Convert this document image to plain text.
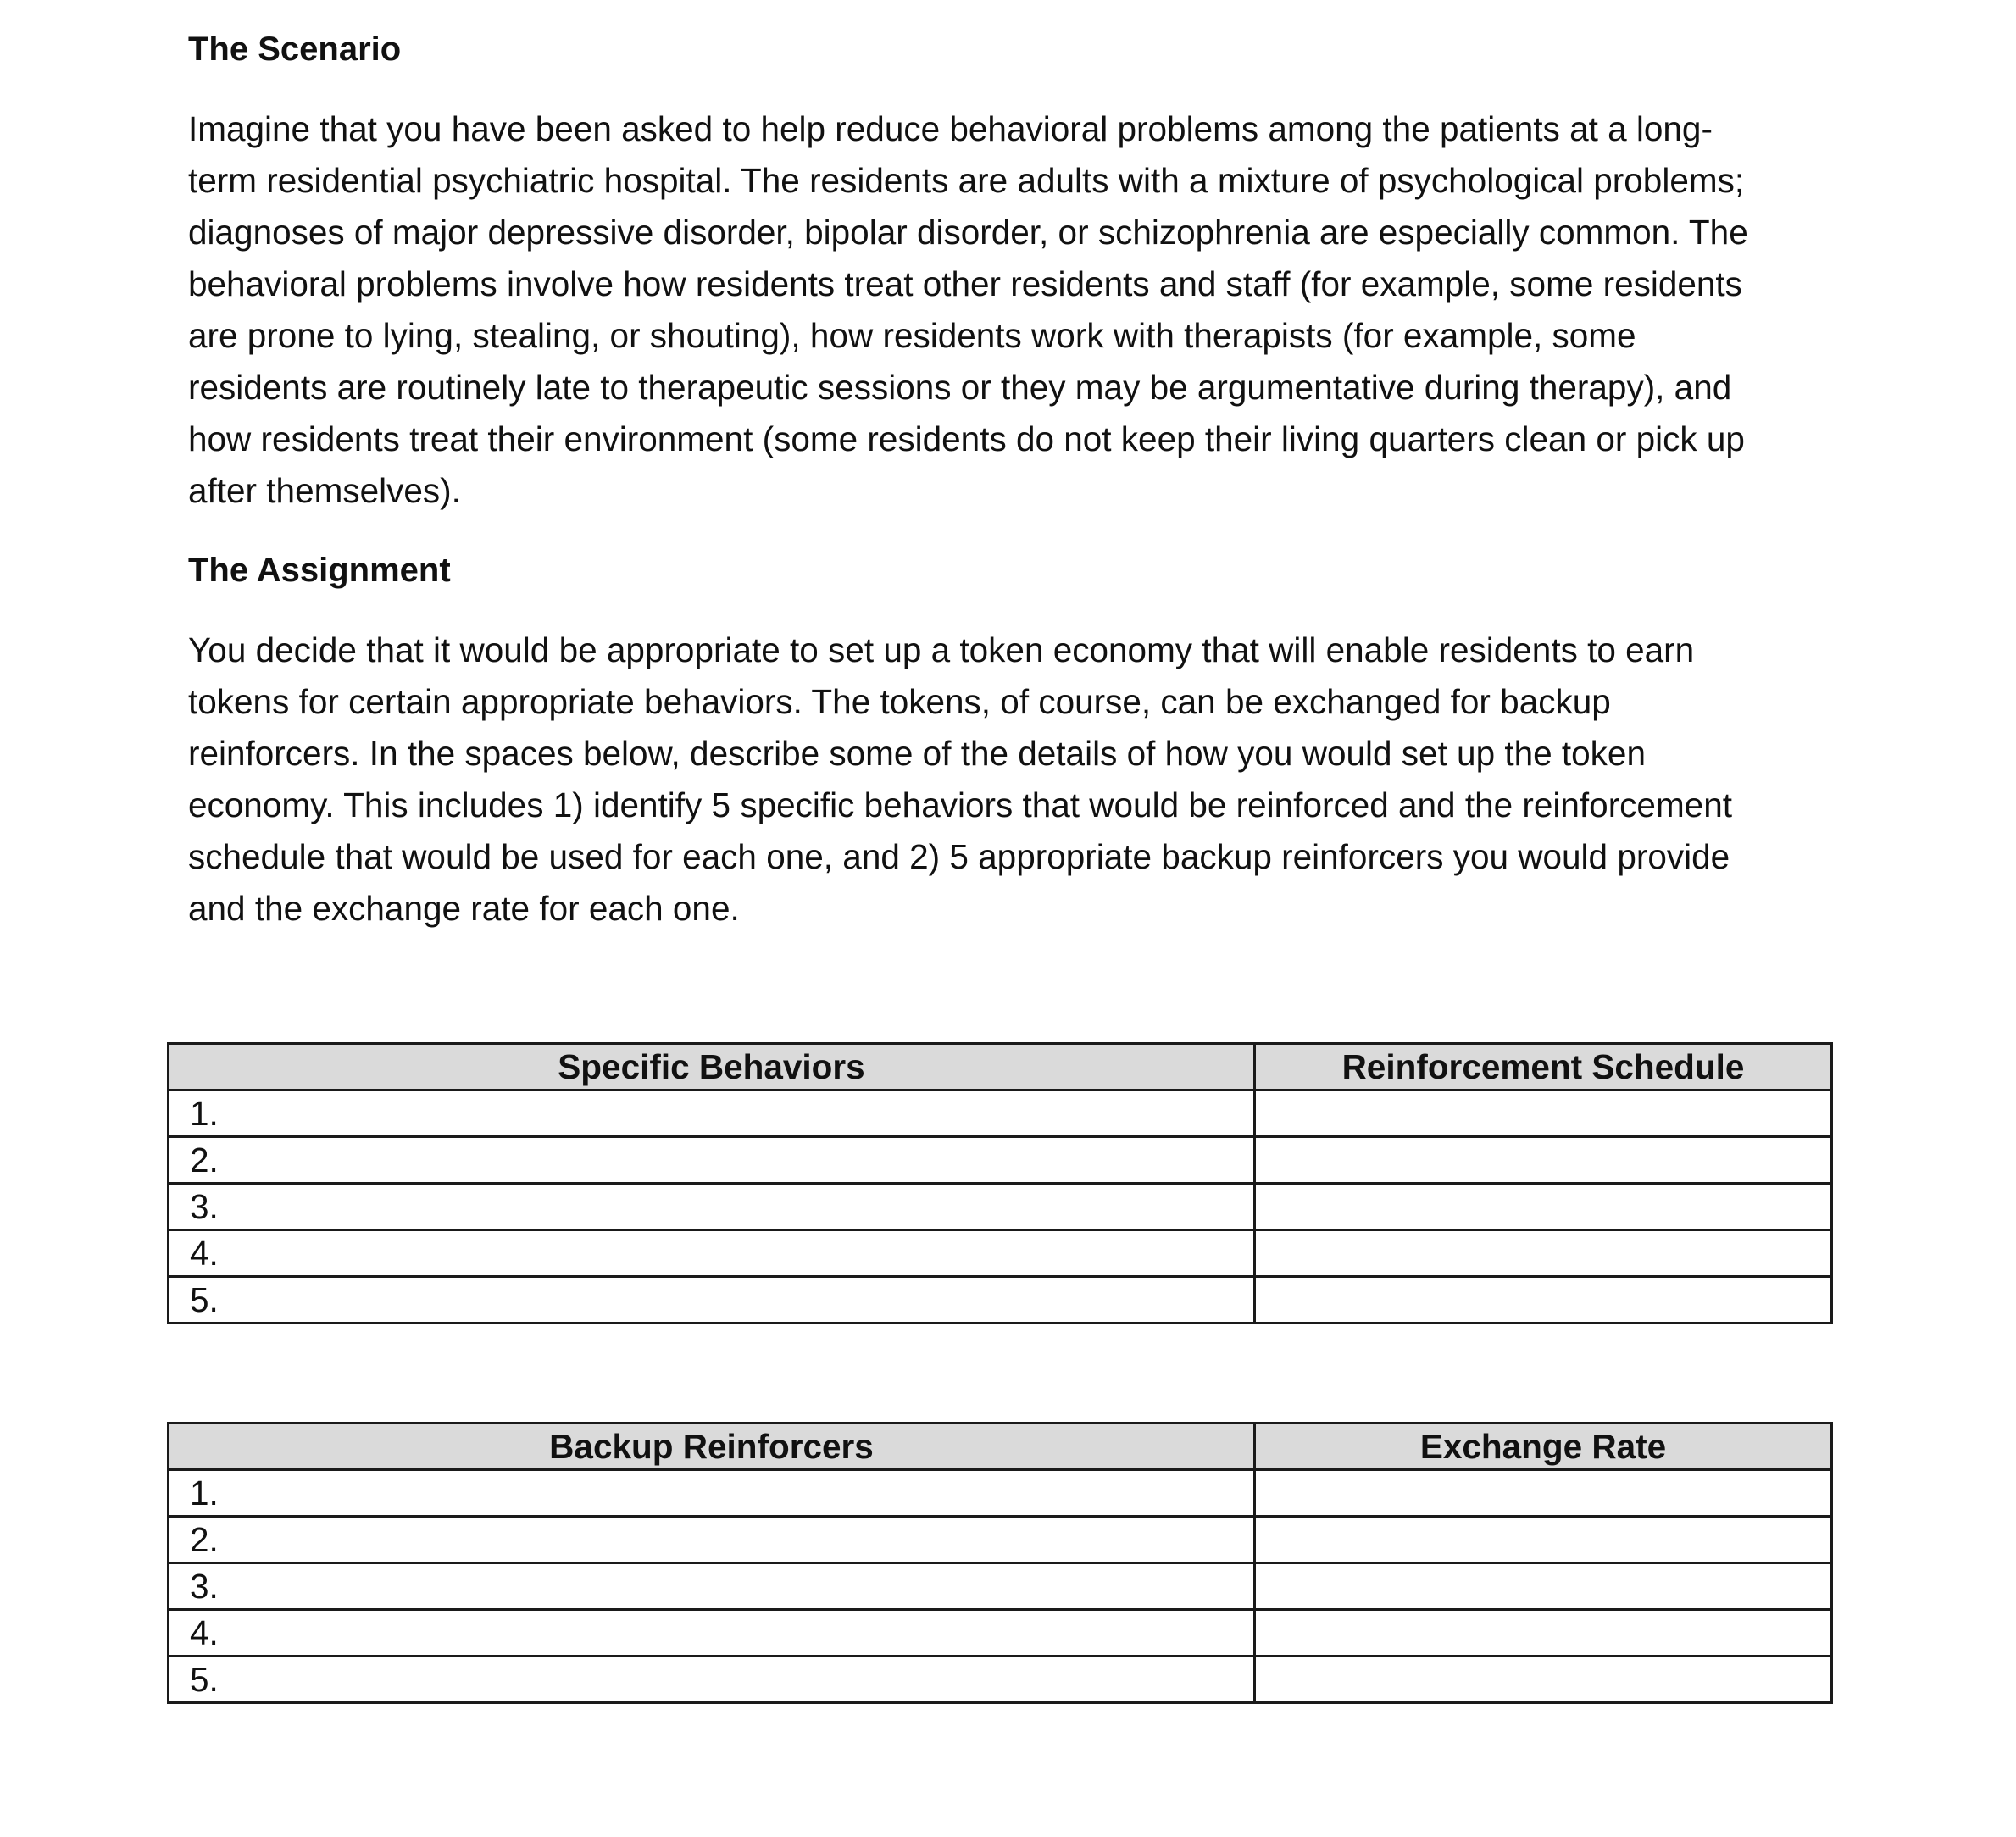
The Scenario
Imagine that you have been asked to help reduce behavioral problems among the patients at a long-
term residential psychiatric hospital. The residents are adults with a mixture of psychological problems;
diagnoses of major depressive disorder, bipolar disorder, or schizophrenia are especially common. The
behavioral problems involve how residents treat other residents and staff (for example, some residents
are prone to lying, stealing, or shouting), how residents work with therapists (for example, some
residents are routinely late to therapeutic sessions or they may be argumentative during therapy), and
how residents treat their environment (some residents do not keep their living quarters clean or pick up
after themselves).
The Assignment
You decide that it would be appropriate to set up a token economy that will enable residents to earn
tokens for certain appropriate behaviors. The tokens, of course, can be exchanged for backup
reinforcers. In the spaces below, describe some of the details of how you would set up the token
economy. This includes 1) identify 5 specific behaviors that would be reinforced and the reinforcement
schedule that would be used for each one, and 2) 5 appropriate backup reinforcers you would provide
and the exchange rate for each one.
Specific Behaviors	Reinforcement Schedule
1.	
2.	
3.	
4.	
5.	
Backup Reinforcers	Exchange Rate
1.	
2.	
3.	
4.	
5.	
